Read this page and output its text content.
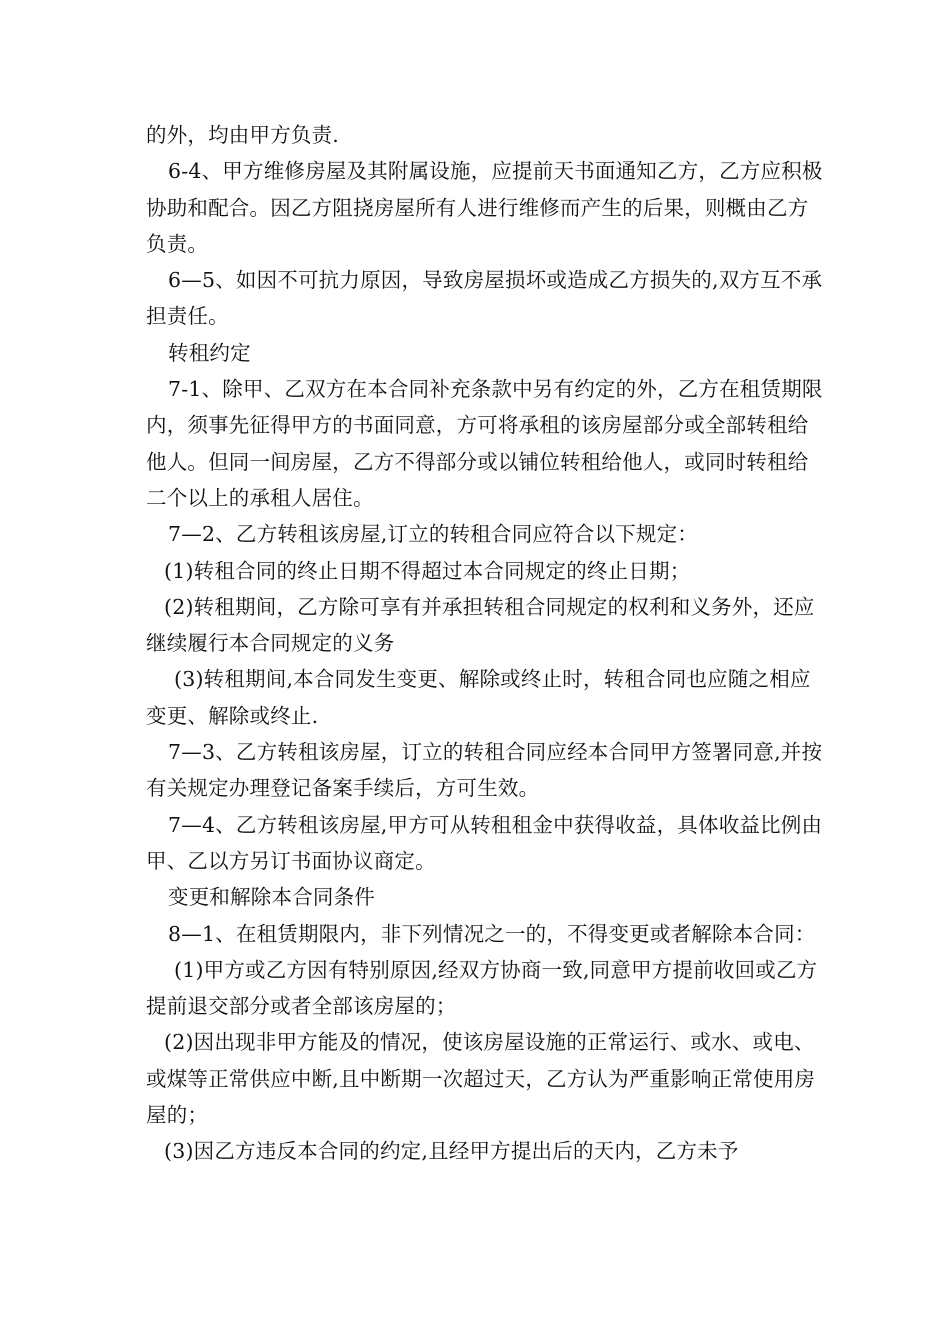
的外，均由甲方负责.

6-4、甲方维修房屋及其附属设施，应提前天书面通知乙方，乙方应积极协助和配合。因乙方阻挠房屋所有人进行维修而产生的后果，则概由乙方负责。

6—5、如因不可抗力原因，导致房屋损坏或造成乙方损失的,双方互不承担责任。

转租约定

7-1、除甲、乙双方在本合同补充条款中另有约定的外，乙方在租赁期限内，须事先征得甲方的书面同意，方可将承租的该房屋部分或全部转租给他人。但同一间房屋，乙方不得部分或以铺位转租给他人，或同时转租给二个以上的承租人居住。

7—2、乙方转租该房屋,订立的转租合同应符合以下规定：

(1)转租合同的终止日期不得超过本合同规定的终止日期；

(2)转租期间，乙方除可享有并承担转租合同规定的权利和义务外，还应继续履行本合同规定的义务

(3)转租期间,本合同发生变更、解除或终止时，转租合同也应随之相应变更、解除或终止.

7—3、乙方转租该房屋，订立的转租合同应经本合同甲方签署同意,并按有关规定办理登记备案手续后，方可生效。

7—4、乙方转租该房屋,甲方可从转租租金中获得收益，具体收益比例由甲、乙以方另订书面协议商定。

变更和解除本合同条件

8—1、在租赁期限内，非下列情况之一的，不得变更或者解除本合同：

(1)甲方或乙方因有特别原因,经双方协商一致,同意甲方提前收回或乙方提前退交部分或者全部该房屋的；

(2)因出现非甲方能及的情况，使该房屋设施的正常运行、或水、或电、或煤等正常供应中断,且中断期一次超过天，乙方认为严重影响正常使用房屋的；

(3)因乙方违反本合同的约定,且经甲方提出后的天内，乙方未予
